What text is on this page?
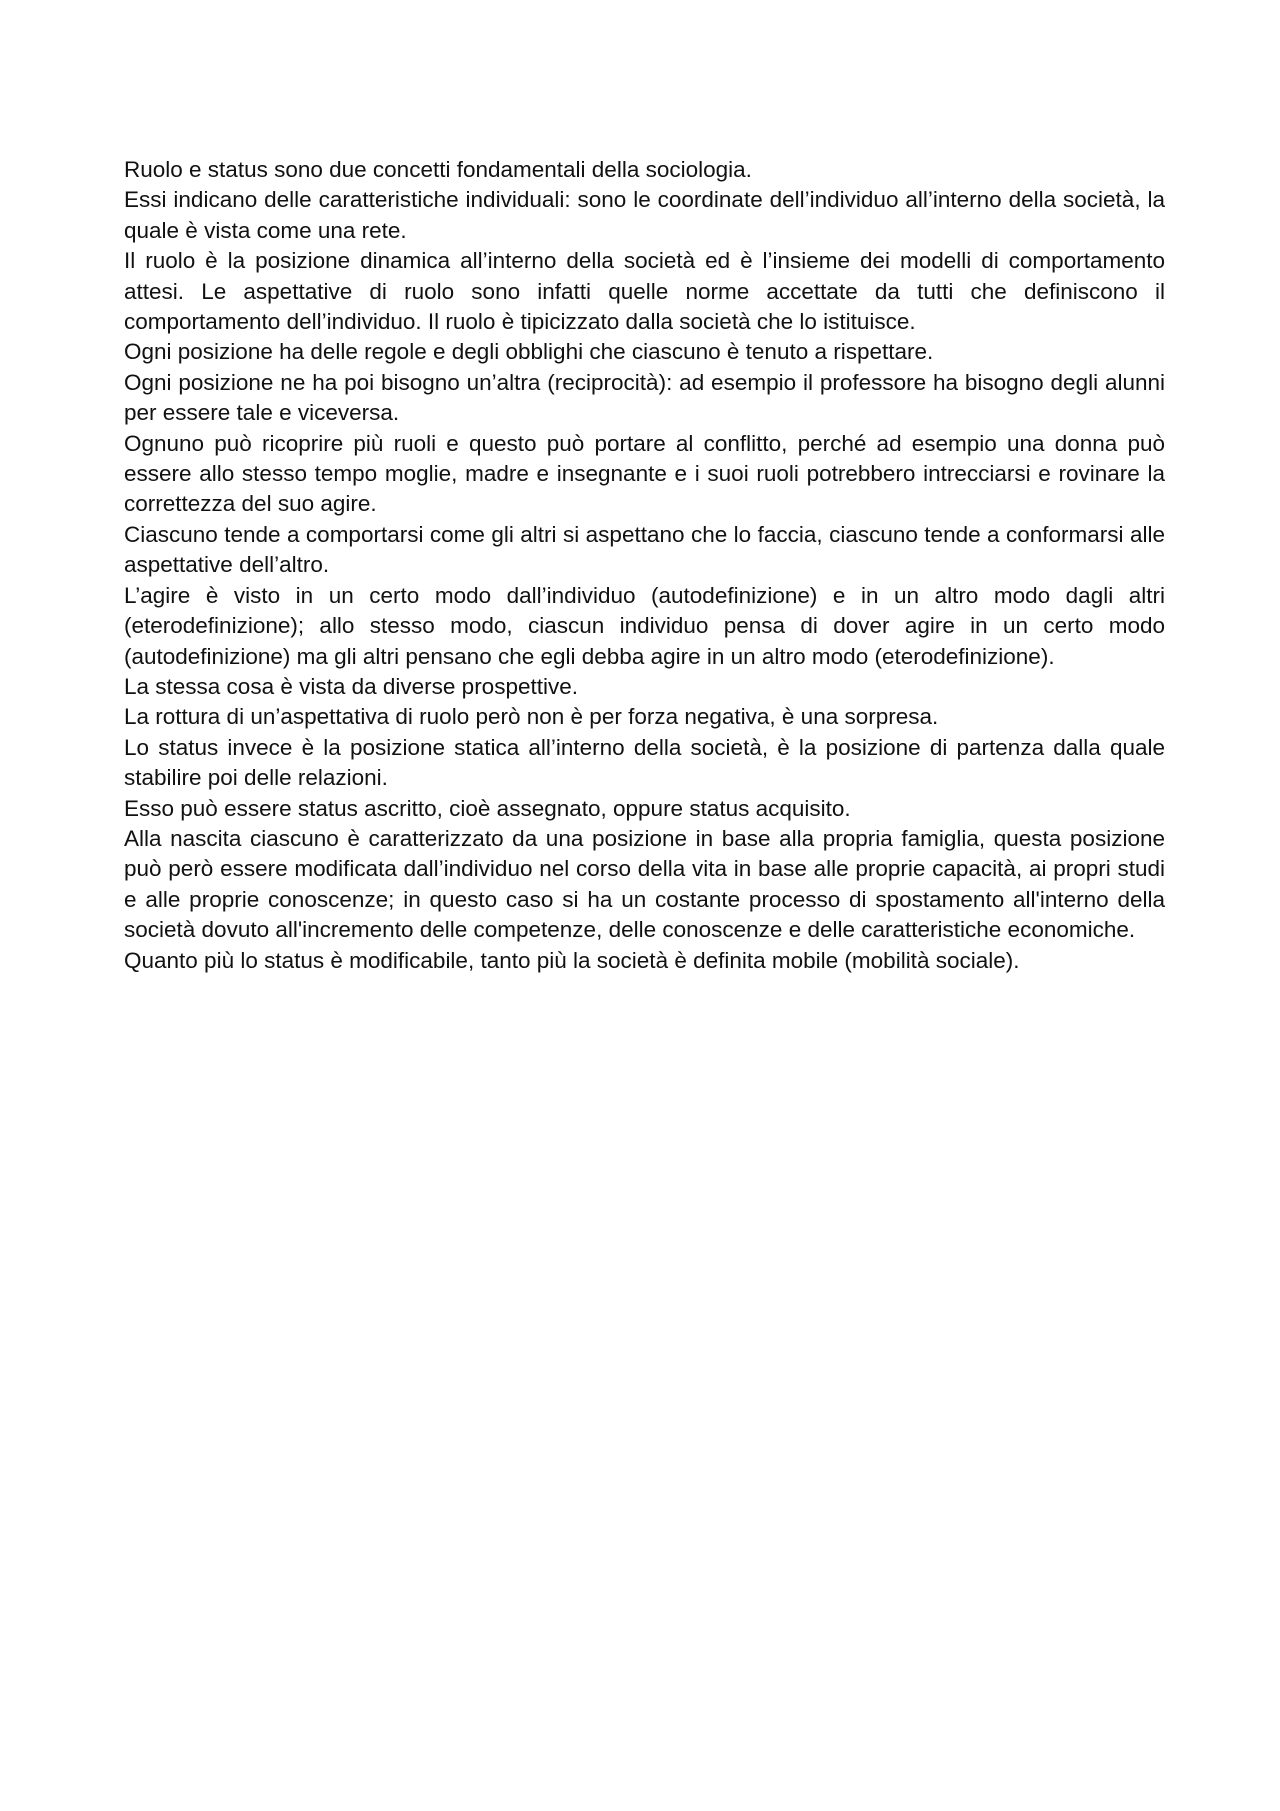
Ruolo e status sono due concetti fondamentali della sociologia.

Essi indicano delle caratteristiche individuali: sono le coordinate dell’individuo all’interno della società, la quale è vista come una rete.

Il ruolo è la posizione dinamica all’interno della società ed è l’insieme dei modelli di comportamento attesi. Le aspettative di ruolo sono infatti quelle norme accettate da tutti che definiscono il comportamento dell’individuo. Il ruolo è tipicizzato dalla società che lo istituisce.

Ogni posizione ha delle regole e degli obblighi che ciascuno è tenuto a rispettare.

Ogni posizione ne ha poi bisogno un’altra (reciprocità): ad esempio il professore ha bisogno degli alunni per essere tale e viceversa.

Ognuno può ricoprire più ruoli e questo può portare al conflitto, perché ad esempio una donna può essere allo stesso tempo moglie, madre e insegnante e i suoi ruoli potrebbero intrecciarsi e rovinare la correttezza del suo agire.

Ciascuno tende a comportarsi come gli altri si aspettano che lo faccia, ciascuno tende a conformarsi alle aspettative dell’altro.

L’agire è visto in un certo modo dall’individuo (autodefinizione) e in un altro modo dagli altri (eterodefinizione); allo stesso modo, ciascun individuo pensa di dover agire in un certo modo (autodefinizione) ma gli altri pensano che egli debba agire in un altro modo (eterodefinizione).

La stessa cosa è vista da diverse prospettive.

La rottura di un’aspettativa di ruolo però non è per forza negativa, è una sorpresa.

Lo status invece è la posizione statica all’interno della società, è la posizione di partenza dalla quale stabilire poi delle relazioni.

Esso può essere status ascritto, cioè assegnato, oppure status acquisito.

Alla nascita ciascuno è caratterizzato da una posizione in base alla propria famiglia, questa posizione può però essere modificata dall’individuo nel corso della vita in base alle proprie capacità, ai propri studi e alle proprie conoscenze; in questo caso si ha un costante processo di spostamento all'interno della società dovuto all'incremento delle competenze, delle conoscenze e delle caratteristiche economiche.

Quanto più lo status è modificabile, tanto più la società è definita mobile (mobilità sociale).
